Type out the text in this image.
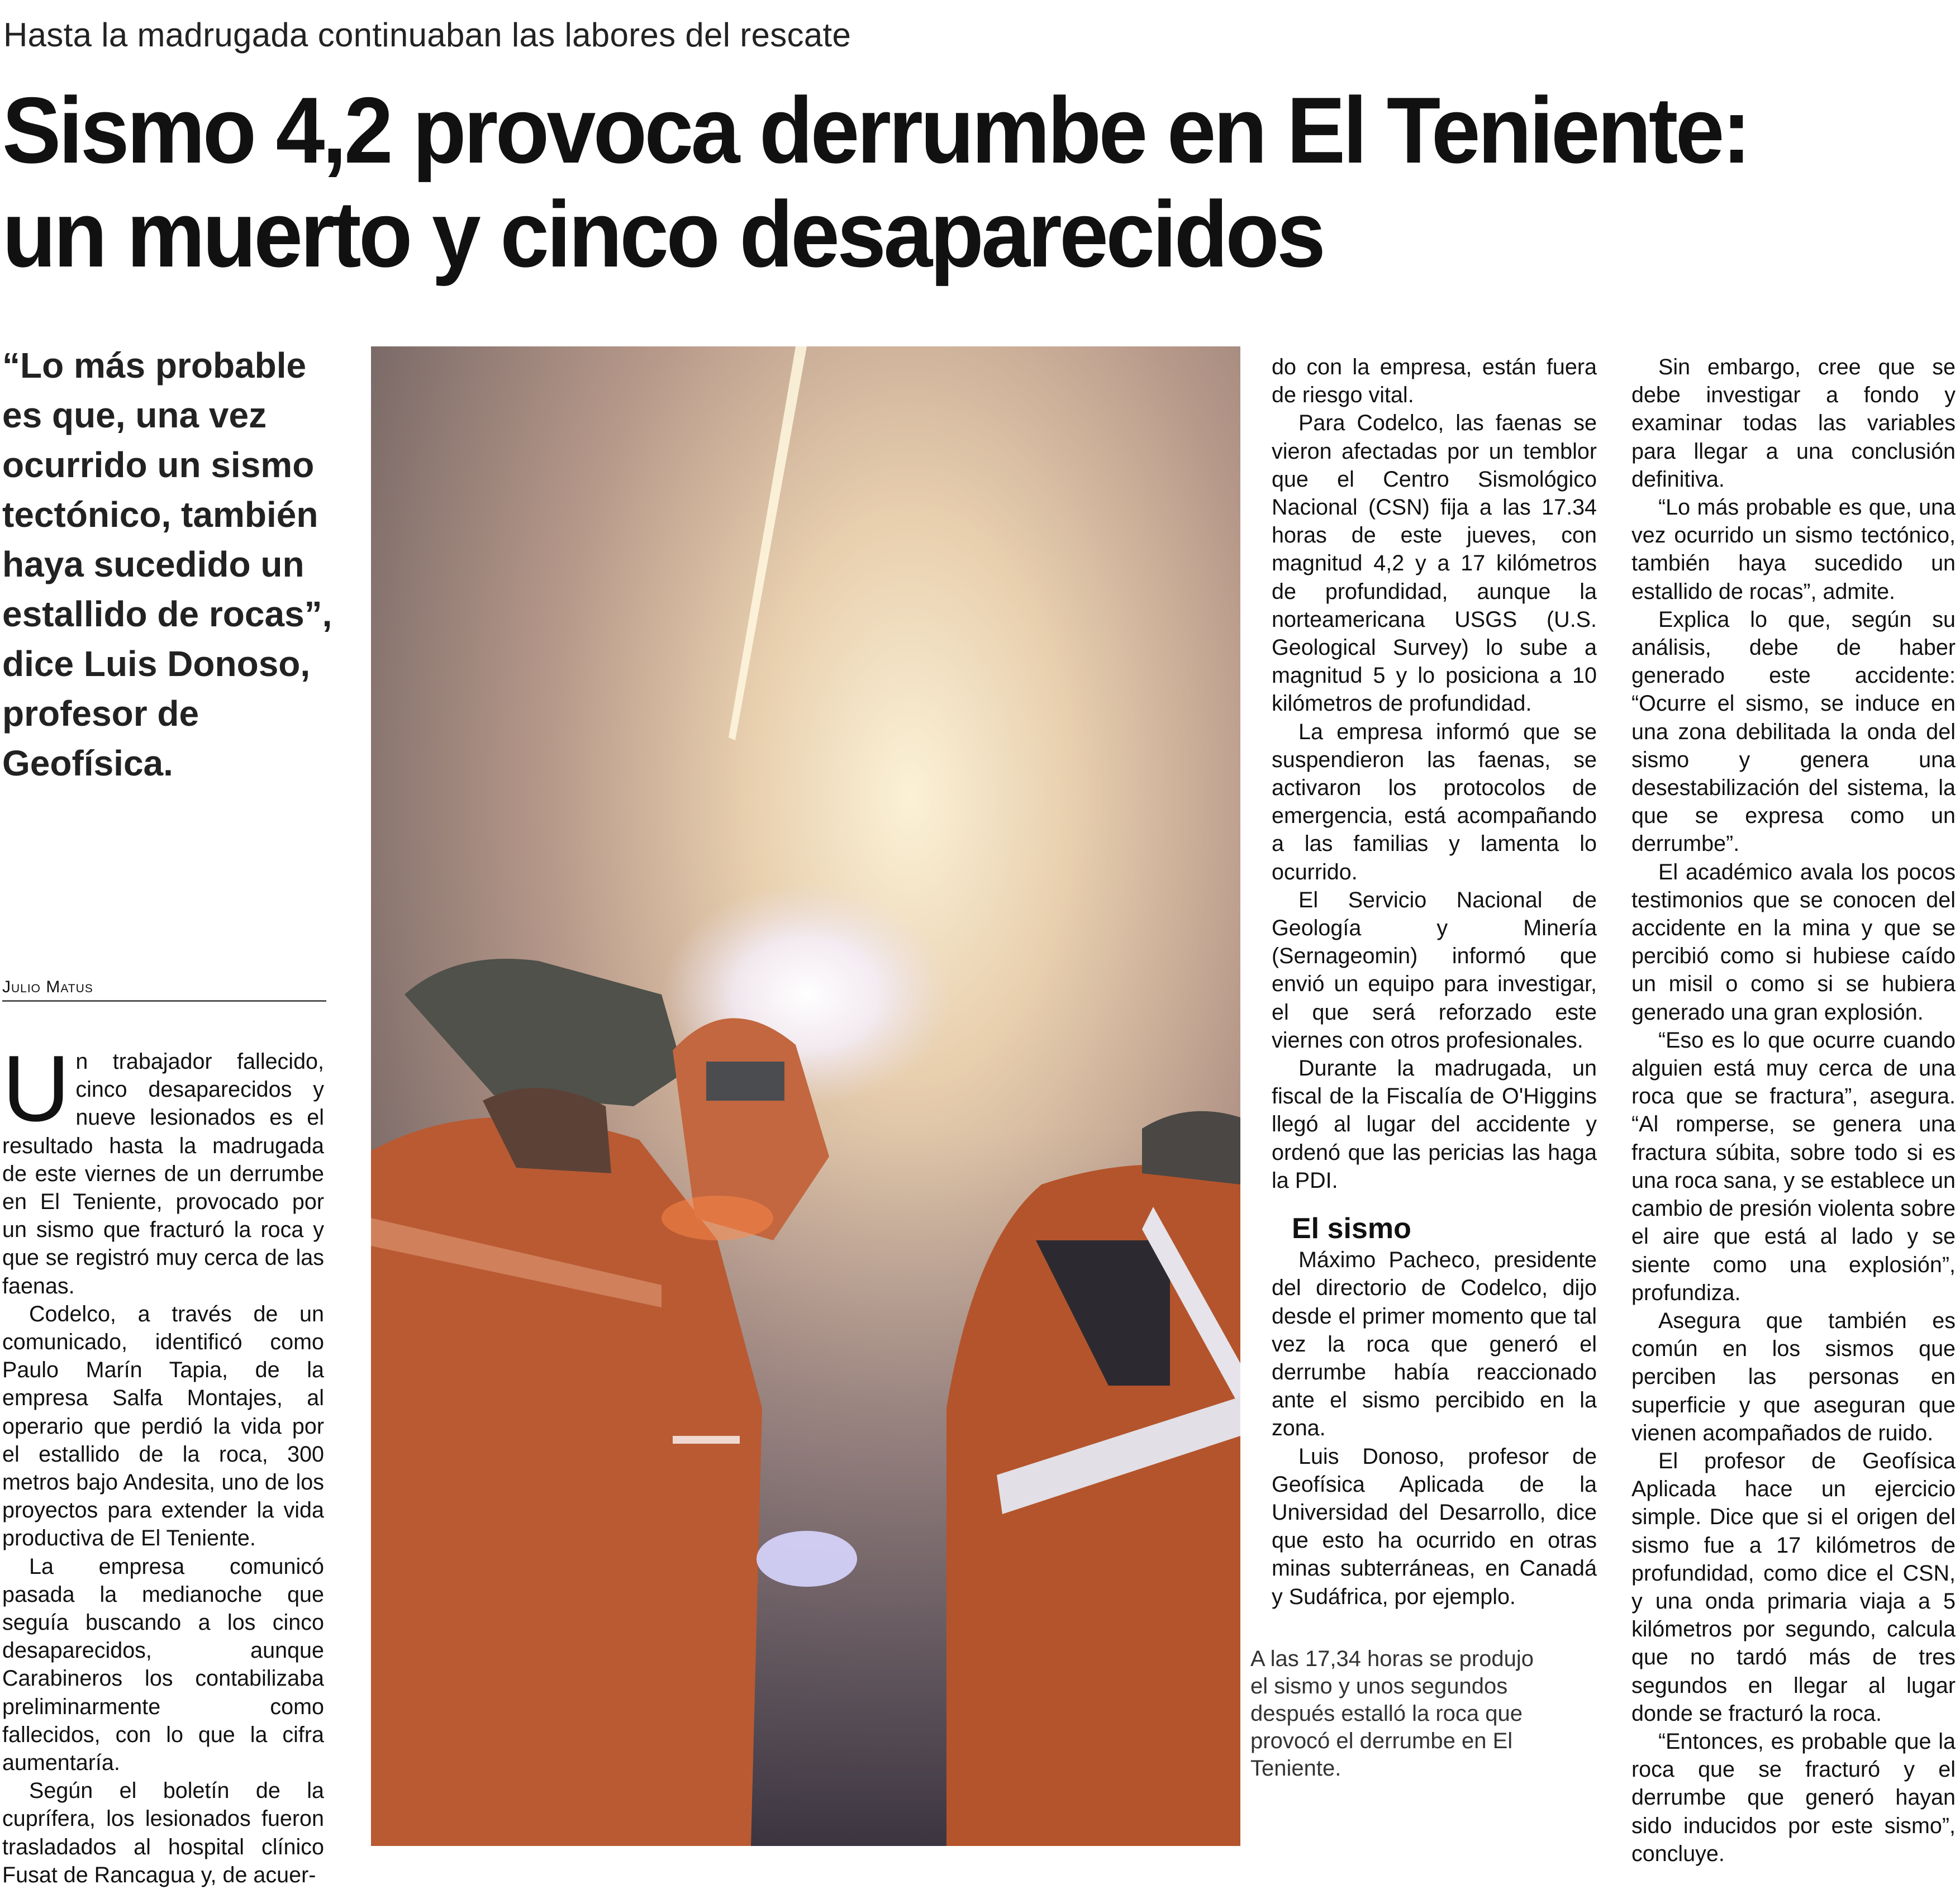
Hasta la madrugada continuaban las labores del rescate
Sismo 4,2 provoca derrumbe en El Teniente:
un muerto y cinco desaparecidos
“Lo más probable es que, una vez ocurrido un sismo tectónico, también haya sucedido un estallido de rocas”, dice Luis Donoso, profesor de Geofísica.
Julio Matus

Un trabajador fallecido, cinco desaparecidos y nueve lesionados es el resultado hasta la madrugada de este viernes de un derrumbe en El Teniente, provocado por un sismo que fracturó la roca y que se registró muy cerca de las faenas.

Codelco, a través de un comunicado, identificó como Paulo Marín Tapia, de la empresa Salfa Montajes, al operario que perdió la vida por el estallido de la roca, 300 metros bajo Andesita, uno de los proyectos para extender la vida productiva de El Teniente.

La empresa comunicó pasada la medianoche que seguía buscando a los cinco desaparecidos, aunque Carabineros los contabilizaba preliminarmente como fallecidos, con lo que la cifra aumentaría.

Según el boletín de la cuprífera, los lesionados fueron trasladados al hospital clínico Fusat de Rancagua y, de acuer-

do con la empresa, están fuera de riesgo vital.

Para Codelco, las faenas se vieron afectadas por un temblor que el Centro Sismológico Nacional (CSN) fija a las 17.34 horas de este jueves, con magnitud 4,2 y a 17 kilómetros de profundidad, aunque la norteamericana USGS (U.S. Geological Survey) lo sube a magnitud 5 y lo posiciona a 10 kilómetros de profundidad.

La empresa informó que se suspendieron las faenas, se activaron los protocolos de emergencia, está acompañando a las familias y lamenta lo ocurrido.

El Servicio Nacional de Geología y Minería (Sernageomin) informó que envió un equipo para investigar, el que será reforzado este viernes con otros profesionales.

Durante la madrugada, un fiscal de la Fiscalía de O'Higgins llegó al lugar del accidente y ordenó que las pericias las haga la PDI.

El sismo

Máximo Pacheco, presidente del directorio de Codelco, dijo desde el primer momento que tal vez la roca que generó el derrumbe había reaccionado ante el sismo percibido en la zona.

Luis Donoso, profesor de Geofísica Aplicada de la Universidad del Desarrollo, dice que esto ha ocurrido en otras minas subterráneas, en Canadá y Sudáfrica, por ejemplo.

A las 17,34 horas se produjo el sismo y unos segundos después estalló la roca que provocó el derrumbe en El Teniente.

Sin embargo, cree que se debe investigar a fondo y examinar todas las variables para llegar a una conclusión definitiva.

“Lo más probable es que, una vez ocurrido un sismo tectónico, también haya sucedido un estallido de rocas”, admite.

Explica lo que, según su análisis, debe de haber generado este accidente: “Ocurre el sismo, se induce en una zona debilitada la onda del sismo y genera una desestabilización del sistema, la que se expresa como un derrumbe”.

El académico avala los pocos testimonios que se conocen del accidente en la mina y que se percibió como si hubiese caído un misil o como si se hubiera generado una gran explosión.

“Eso es lo que ocurre cuando alguien está muy cerca de una roca que se fractura”, asegura. “Al romperse, se genera una fractura súbita, sobre todo si es una roca sana, y se establece un cambio de presión violenta sobre el aire que está al lado y se siente como una explosión”, profundiza.

Asegura que también es común en los sismos que perciben las personas en superficie y que aseguran que vienen acompañados de ruido.

El profesor de Geofísica Aplicada hace un ejercicio simple. Dice que si el origen del sismo fue a 17 kilómetros de profundidad, como dice el CSN, y una onda primaria viaja a 5 kilómetros por segundo, calcula que no tardó más de tres segundos en llegar al lugar donde se fracturó la roca.

“Entonces, es probable que la roca que se fracturó y el derrumbe que generó hayan sido inducidos por este sismo”, concluye.
